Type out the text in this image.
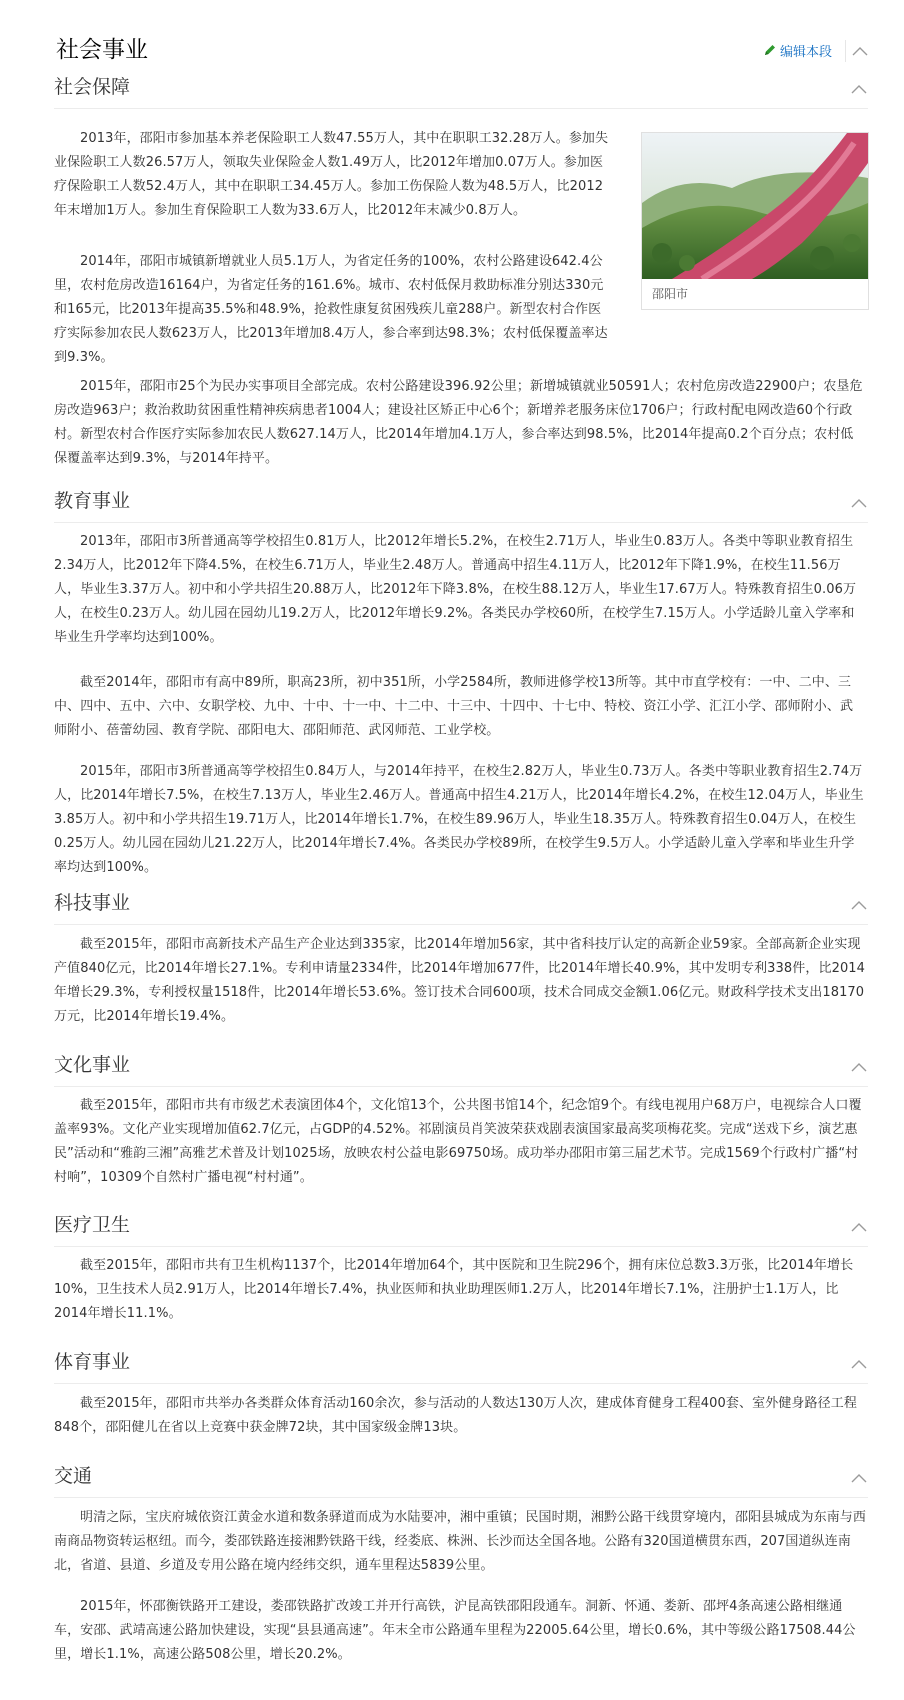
社会事业	编辑本段
社会保障
邵阳市

2013年，邵阳市参加基本养老保险职工人数47.55万人，其中在职职工32.28万人。参加失业保险职工人数26.57万人，领取失业保险金人数1.49万人，比2012年增加0.07万人。参加医疗保险职工人数52.4万人，其中在职职工34.45万人。参加工伤保险人数为48.5万人，比2012年末增加1万人。参加生育保险职工人数为33.6万人，比2012年末减少0.8万人。

2014年，邵阳市城镇新增就业人员5.1万人，为省定任务的100%，农村公路建设642.4公里，农村危房改造16164户，为省定任务的161.6%。城市、农村低保月救助标准分别达330元和165元，比2013年提高35.5%和48.9%，抢救性康复贫困残疾儿童288户。新型农村合作医疗实际参加农民人数623万人，比2013年增加8.4万人，参合率到达98.3%；农村低保覆盖率达到9.3%。

2015年，邵阳市25个为民办实事项目全部完成。农村公路建设396.92公里；新增城镇就业50591人；农村危房改造22900户；农垦危房改造963户；救治救助贫困重性精神疾病患者1004人；建设社区矫正中心6个；新增养老服务床位1706户；行政村配电网改造60个行政村。新型农村合作医疗实际参加农民人数627.14万人，比2014年增加4.1万人，参合率达到98.5%，比2014年提高0.2个百分点；农村低保覆盖率达到9.3%，与2014年持平。

教育事业

2013年，邵阳市3所普通高等学校招生0.81万人，比2012年增长5.2%，在校生2.71万人，毕业生0.83万人。各类中等职业教育招生2.34万人，比2012年下降4.5%，在校生6.71万人，毕业生2.48万人。普通高中招生4.11万人，比2012年下降1.9%，在校生11.56万人，毕业生3.37万人。初中和小学共招生20.88万人，比2012年下降3.8%，在校生88.12万人，毕业生17.67万人。特殊教育招生0.06万人，在校生0.23万人。幼儿园在园幼儿19.2万人，比2012年增长9.2%。各类民办学校60所，在校学生7.15万人。小学适龄儿童入学率和毕业生升学率均达到100%。

截至2014年，邵阳市有高中89所，职高23所，初中351所，小学2584所，教师进修学校13所等。其中市直学校有：一中、二中、三中、四中、五中、六中、女职学校、九中、十中、十一中、十二中、十三中、十四中、十七中、特校、资江小学、汇江小学、邵师附小、武师附小、蓓蕾幼园、教育学院、邵阳电大、邵阳师范、武冈师范、工业学校。

2015年，邵阳市3所普通高等学校招生0.84万人，与2014年持平，在校生2.82万人，毕业生0.73万人。各类中等职业教育招生2.74万人，比2014年增长7.5%，在校生7.13万人，毕业生2.46万人。普通高中招生4.21万人，比2014年增长4.2%，在校生12.04万人，毕业生3.85万人。初中和小学共招生19.71万人，比2014年增长1.7%，在校生89.96万人，毕业生18.35万人。特殊教育招生0.04万人，在校生0.25万人。幼儿园在园幼儿21.22万人，比2014年增长7.4%。各类民办学校89所，在校学生9.5万人。小学适龄儿童入学率和毕业生升学率均达到100%。

科技事业

截至2015年，邵阳市高新技术产品生产企业达到335家，比2014年增加56家，其中省科技厅认定的高新企业59家。全部高新企业实现产值840亿元，比2014年增长27.1%。专利申请量2334件，比2014年增加677件，比2014年增长40.9%，其中发明专利338件，比2014年增长29.3%，专利授权量1518件，比2014年增长53.6%。签订技术合同600项，技术合同成交金额1.06亿元。财政科学技术支出18170万元，比2014年增长19.4%。

文化事业

截至2015年，邵阳市共有市级艺术表演团体4个，文化馆13个，公共图书馆14个，纪念馆9个。有线电视用户68万户，电视综合人口覆盖率93%。文化产业实现增加值62.7亿元，占GDP的4.52%。祁剧演员肖笑波荣获戏剧表演国家最高奖项梅花奖。完成“送戏下乡，演艺惠民”活动和“雅韵三湘”高雅艺术普及计划1025场，放映农村公益电影69750场。成功举办邵阳市第三届艺术节。完成1569个行政村广播“村村响”，10309个自然村广播电视“村村通”。

医疗卫生

截至2015年，邵阳市共有卫生机构1137个，比2014年增加64个，其中医院和卫生院296个，拥有床位总数3.3万张，比2014年增长10%，卫生技术人员2.91万人，比2014年增长7.4%，执业医师和执业助理医师1.2万人，比2014年增长7.1%，注册护士1.1万人，比2014年增长11.1%。

体育事业

截至2015年，邵阳市共举办各类群众体育活动160余次，参与活动的人数达130万人次，建成体育健身工程400套、室外健身路径工程848个，邵阳健儿在省以上竞赛中获金牌72块，其中国家级金牌13块。

交通

明清之际，宝庆府城依资江黄金水道和数条驿道而成为水陆要冲，湘中重镇；民国时期，湘黔公路干线贯穿境内，邵阳县城成为东南与西南商品物资转运枢纽。而今，娄邵铁路连接湘黔铁路干线，经娄底、株洲、长沙而达全国各地。公路有320国道横贯东西，207国道纵连南北，省道、县道、乡道及专用公路在境内经纬交织，通车里程达5839公里。

2015年，怀邵衡铁路开工建设，娄邵铁路扩改竣工并开行高铁，沪昆高铁邵阳段通车。洞新、怀通、娄新、邵坪4条高速公路相继通车，安邵、武靖高速公路加快建设，实现“县县通高速”。年末全市公路通车里程为22005.64公里，增长0.6%，其中等级公路17508.44公里，增长1.1%，高速公路508公里，增长20.2%。
